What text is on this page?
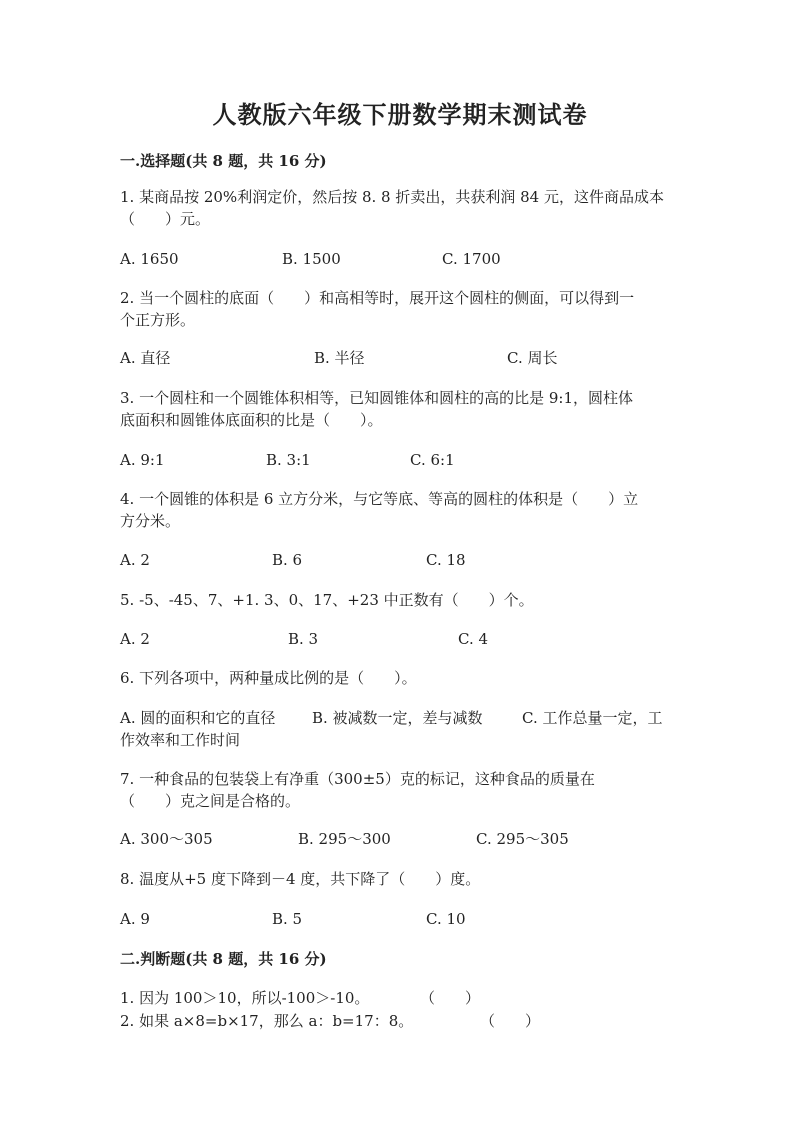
人教版六年级下册数学期末测试卷
一.选择题(共 8 题，共 16 分)
1. 某商品按 20%利润定价，然后按 8. 8 折卖出，共获利润 84 元，这件商品成本
（　　）元。
A. 1650	B. 1500	C. 1700
2. 当一个圆柱的底面（　　）和高相等时，展开这个圆柱的侧面，可以得到一
个正方形。
A. 直径	B. 半径	C. 周长
3. 一个圆柱和一个圆锥体积相等，已知圆锥体和圆柱的高的比是 9:1，圆柱体
底面积和圆锥体底面积的比是（　　）。
A. 9:1	B. 3:1	C. 6:1
4. 一个圆锥的体积是 6 立方分米，与它等底、等高的圆柱的体积是（　　）立
方分米。
A. 2	B. 6	C. 18
5. -5、-45、7、+1. 3、0、17、+23 中正数有（　　）个。
A. 2	B. 3	C. 4
6. 下列各项中，两种量成比例的是（　　）。
A. 圆的面积和它的直径 B. 被减数一定，差与减数	C. 工作总量一定，工
作效率和工作时间
7. 一种食品的包装袋上有净重（300±5）克的标记，这种食品的质量在
（　　）克之间是合格的。
A. 300～305	B. 295～300	C. 295～305
8. 温度从+5 度下降到－4 度，共下降了（　　）度。
A. 9	B. 5	C. 10
二.判断题(共 8 题，共 16 分)
1. 因为 100＞10，所以-100＞-10。	（　　）
2. 如果 a×8=b×17，那么 a：b=17：8。	（　　）
